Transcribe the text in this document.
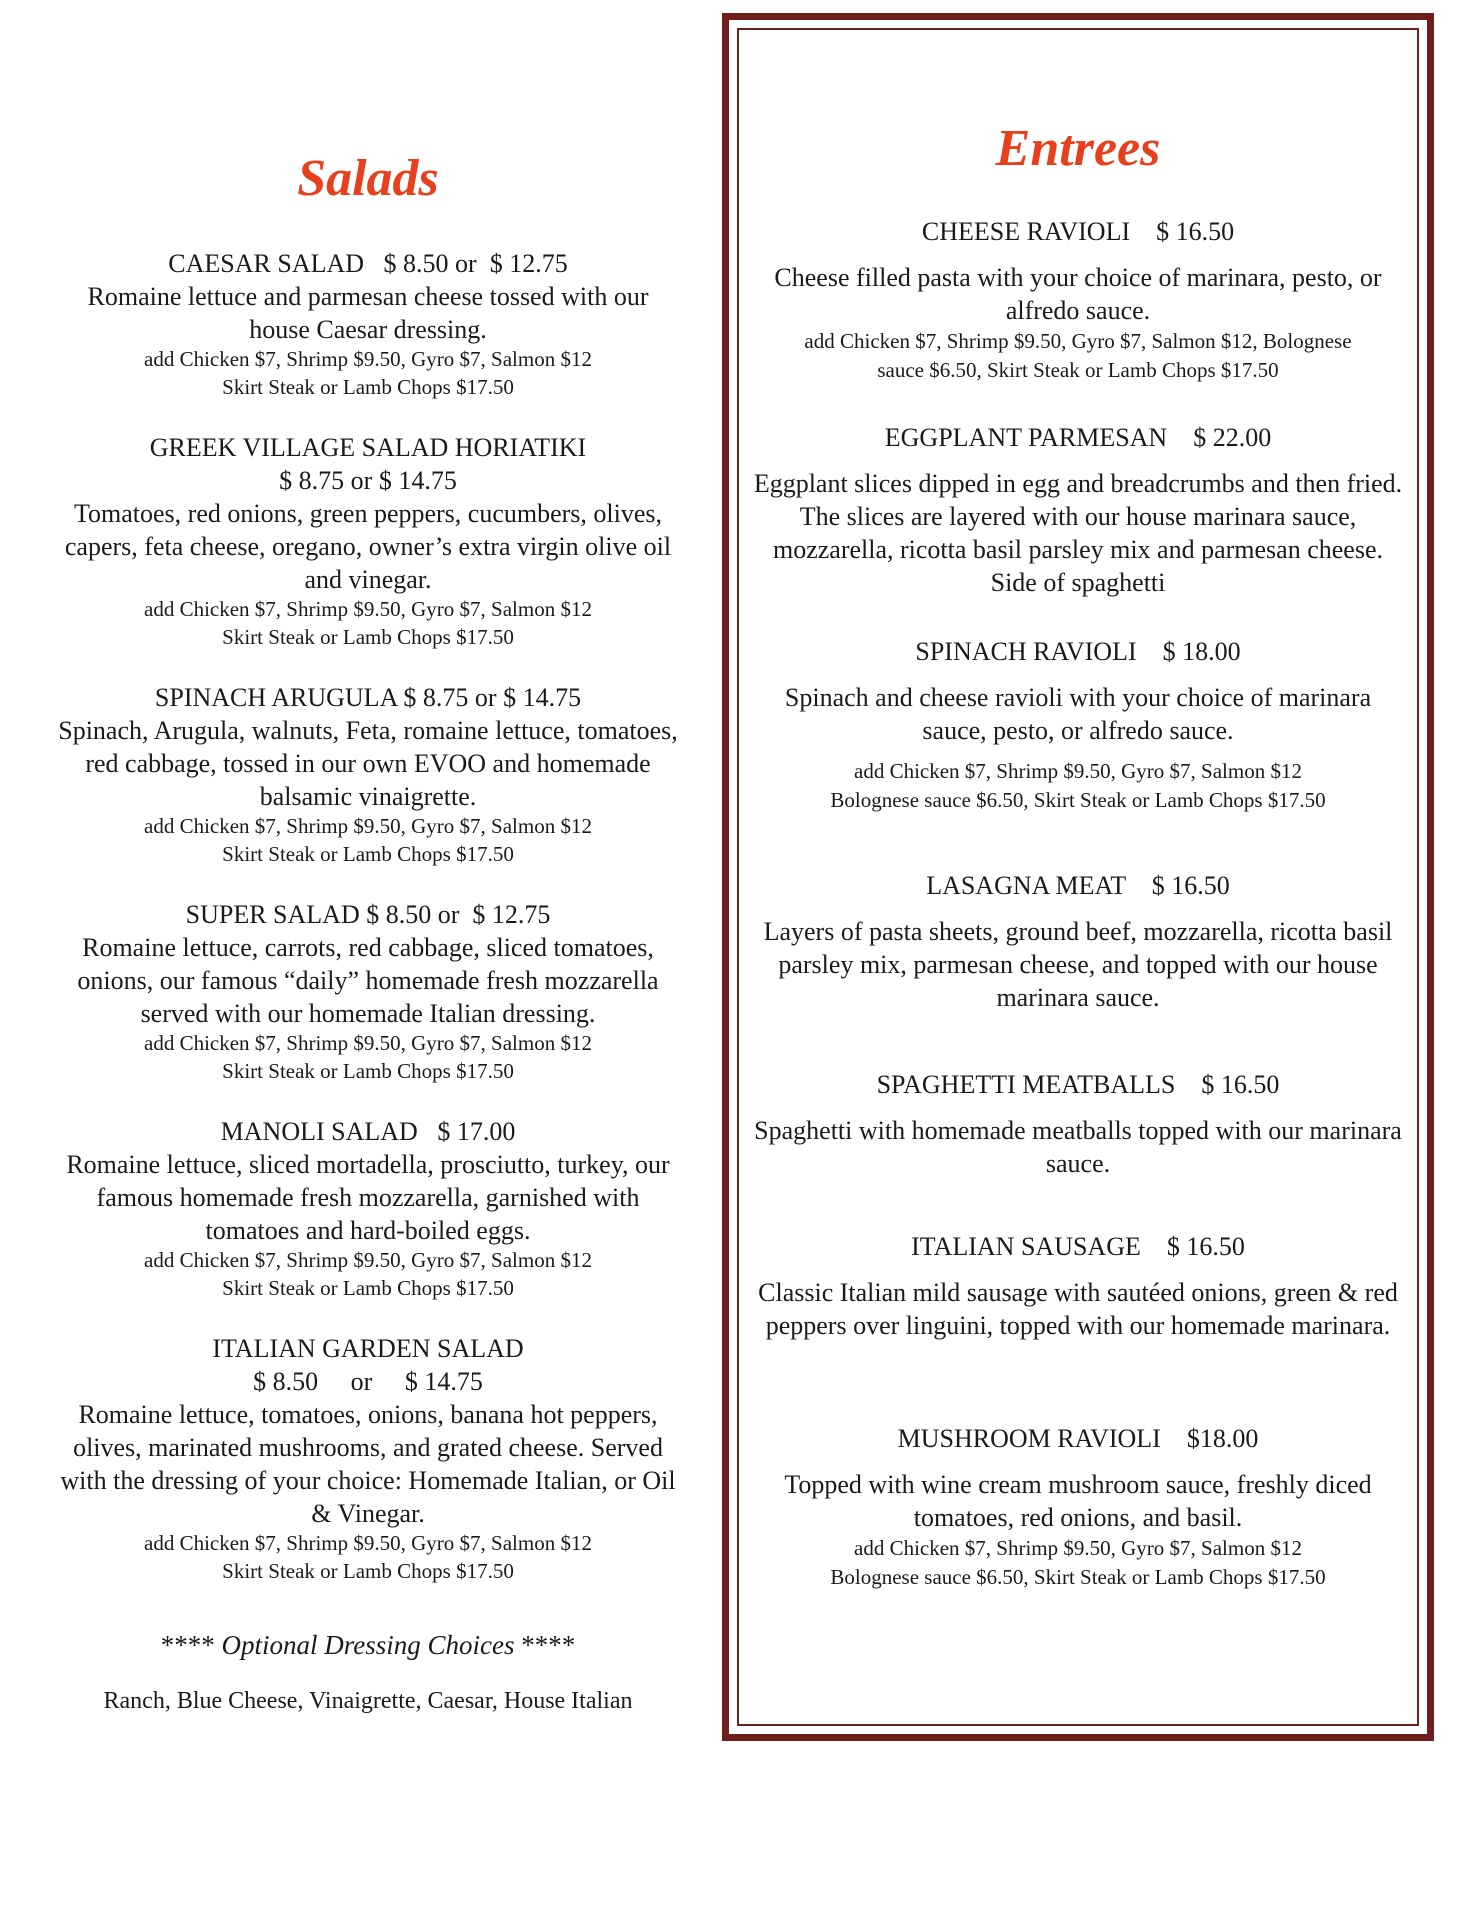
Salads

CAESAR SALAD   $ 8.50 or  $ 12.75

Romaine lettuce and parmesan cheese tossed with our house Caesar dressing.

add Chicken $7, Shrimp $9.50, Gyro $7, Salmon $12

Skirt Steak or Lamb Chops $17.50

GREEK VILLAGE SALAD HORIATIKI

$ 8.75 or $ 14.75

Tomatoes, red onions, green peppers, cucumbers, olives, capers, feta cheese, oregano, owner’s extra virgin olive oil and vinegar.

add Chicken $7, Shrimp $9.50, Gyro $7, Salmon $12

Skirt Steak or Lamb Chops $17.50

SPINACH ARUGULA $ 8.75 or $ 14.75

Spinach, Arugula, walnuts, Feta, romaine lettuce, tomatoes, red cabbage, tossed in our own EVOO and homemade balsamic vinaigrette.

add Chicken $7, Shrimp $9.50, Gyro $7, Salmon $12

Skirt Steak or Lamb Chops $17.50

SUPER SALAD $ 8.50 or  $ 12.75

Romaine lettuce, carrots, red cabbage, sliced tomatoes, onions, our famous “daily” homemade fresh mozzarella served with our homemade Italian dressing.

add Chicken $7, Shrimp $9.50, Gyro $7, Salmon $12

Skirt Steak or Lamb Chops $17.50

MANOLI SALAD   $ 17.00

Romaine lettuce, sliced mortadella, prosciutto, turkey, our famous homemade fresh mozzarella, garnished with tomatoes and hard-boiled eggs.

add Chicken $7, Shrimp $9.50, Gyro $7, Salmon $12

Skirt Steak or Lamb Chops $17.50

ITALIAN GARDEN SALAD

$ 8.50     or     $ 14.75

Romaine lettuce, tomatoes, onions, banana hot peppers, olives, marinated mushrooms, and grated cheese. Served with the dressing of your choice: Homemade Italian, or Oil & Vinegar.

add Chicken $7, Shrimp $9.50, Gyro $7, Salmon $12

Skirt Steak or Lamb Chops $17.50

**** Optional Dressing Choices ****

Ranch, Blue Cheese, Vinaigrette, Caesar, House Italian

Entrees

CHEESE RAVIOLI    $ 16.50

Cheese filled pasta with your choice of marinara, pesto, or alfredo sauce.

add Chicken $7, Shrimp $9.50, Gyro $7, Salmon $12, Bolognese

sauce $6.50, Skirt Steak or Lamb Chops $17.50

EGGPLANT PARMESAN    $ 22.00

Eggplant slices dipped in egg and breadcrumbs and then fried. The slices are layered with our house marinara sauce, mozzarella, ricotta basil parsley mix and parmesan cheese. Side of spaghetti

SPINACH RAVIOLI    $ 18.00

Spinach and cheese ravioli with your choice of marinara sauce, pesto, or alfredo sauce.

add Chicken $7, Shrimp $9.50, Gyro $7, Salmon $12

Bolognese sauce $6.50, Skirt Steak or Lamb Chops $17.50

LASAGNA MEAT    $ 16.50

Layers of pasta sheets, ground beef, mozzarella, ricotta basil parsley mix, parmesan cheese, and topped with our house marinara sauce.

SPAGHETTI MEATBALLS    $ 16.50

Spaghetti with homemade meatballs topped with our marinara sauce.

ITALIAN SAUSAGE    $ 16.50

Classic Italian mild sausage with sautéed onions, green & red peppers over linguini, topped with our homemade marinara.

MUSHROOM RAVIOLI    $18.00

Topped with wine cream mushroom sauce, freshly diced tomatoes, red onions, and basil.

add Chicken $7, Shrimp $9.50, Gyro $7, Salmon $12

Bolognese sauce $6.50, Skirt Steak or Lamb Chops $17.50
